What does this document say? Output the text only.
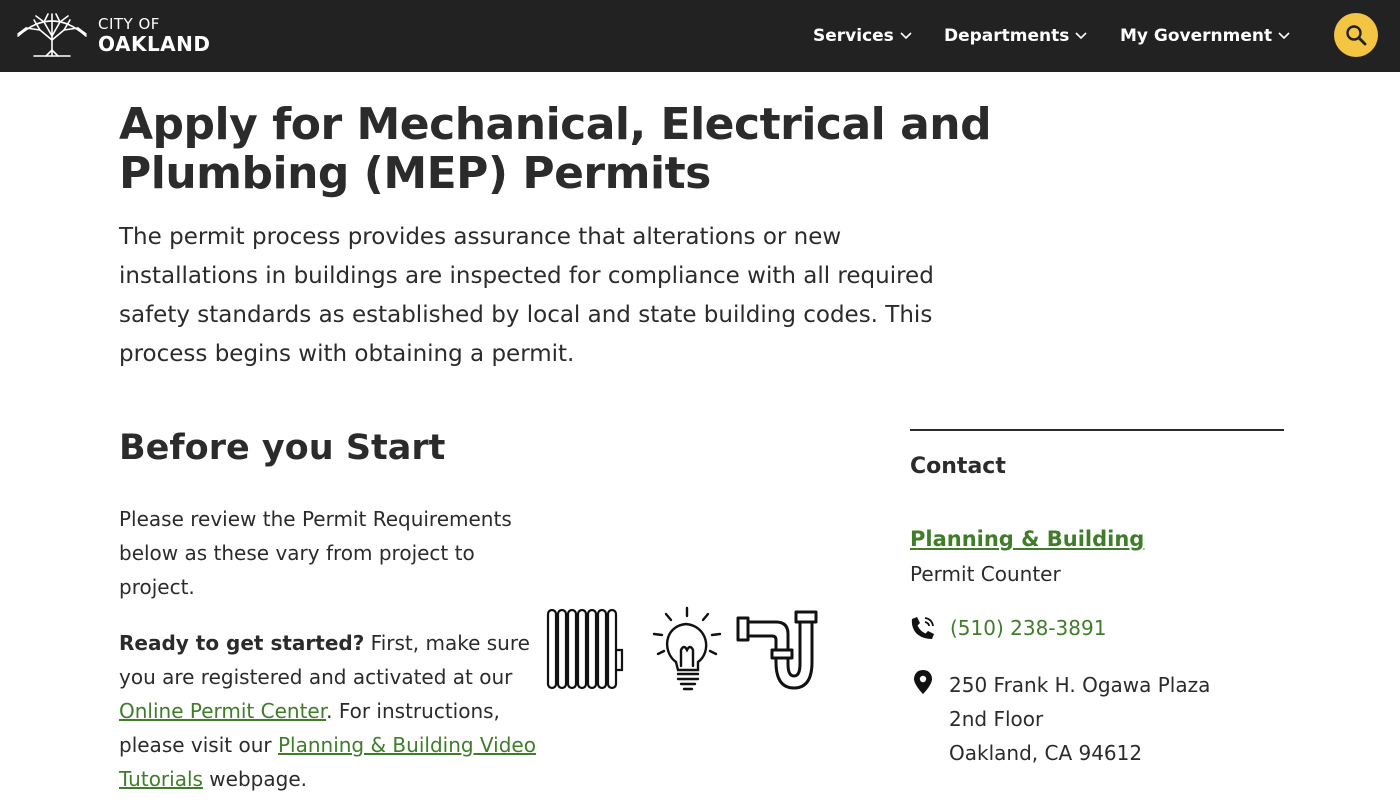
CITY OF
OAKLAND	Services	Departments	My Government
Apply for Mechanical, Electrical and Plumbing (MEP) Permits

The permit process provides assurance that alterations or new installations in buildings are inspected for compliance with all required safety standards as established by local and state building codes. This process begins with obtaining a permit.

Before you Start

Please review the Permit Requirements below as these vary from project to project.

Ready to get started? First, make sure you are registered and activated at our Online Permit Center. For instructions, please visit our Planning & Building Video Tutorials webpage.

Contact
Planning & Building
Permit Counter
(510) 238-3891
250 Frank H. Ogawa Plaza
2nd Floor
Oakland, CA 94612
